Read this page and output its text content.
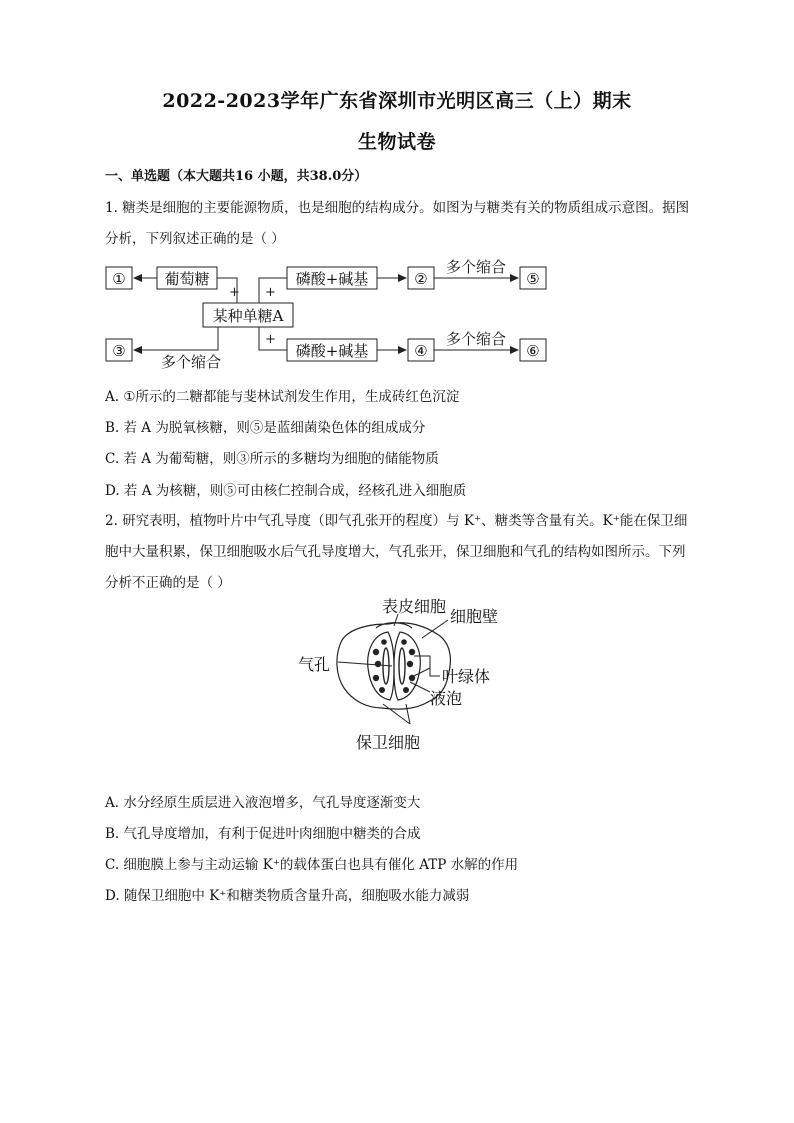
2022-2023学年广东省深圳市光明区高三（上）期末
生物试卷
一、单选题（本大题共16 小题，共38.0分）
1. 糖类是细胞的主要能源物质，也是细胞的结构成分。如图为与糖类有关的物质组成示意图。据图分析，下列叙述正确的是（ ）
①	葡萄糖	磷酸+碱基	②
多个缩合
⑤
某种单糖A
③
多个缩合
磷酸+碱基	④
多个缩合
⑥
+ +
+
A. ①所示的二糖都能与斐林试剂发生作用，生成砖红色沉淀
B. 若 A 为脱氧核糖，则⑤是蓝细菌染色体的组成成分
C. 若 A 为葡萄糖，则③所示的多糖均为细胞的储能物质
D. 若 A 为核糖，则⑤可由核仁控制合成，经核孔进入细胞质
2. 研究表明，植物叶片中气孔导度（即气孔张开的程度）与 K⁺、糖类等含量有关。K⁺能在保卫细胞中大量积累，保卫细胞吸水后气孔导度增大，气孔张开，保卫细胞和气孔的结构如图所示。下列分析不正确的是（ ）
表皮细胞
细胞壁
气孔
叶绿体
液泡
保卫细胞
A. 水分经原生质层进入液泡增多，气孔导度逐渐变大
B. 气孔导度增加，有利于促进叶肉细胞中糖类的合成
C. 细胞膜上参与主动运输 K⁺的载体蛋白也具有催化 ATP 水解的作用
D. 随保卫细胞中 K⁺和糖类物质含量升高，细胞吸水能力减弱
